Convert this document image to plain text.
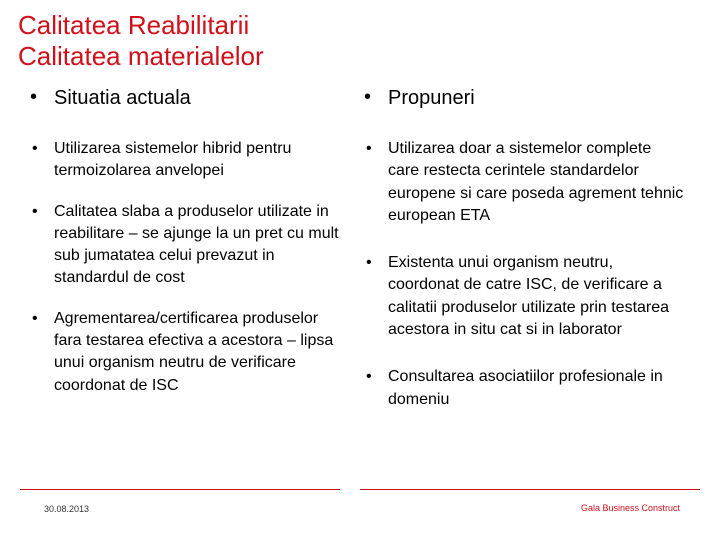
Calitatea Reabilitarii
Calitatea materialelor
• Situatia actuala
• Utilizarea sistemelor hibrid pentru termoizolarea anvelopei
• Calitatea slaba a produselor utilizate in reabilitare – se ajunge la un pret cu mult sub jumatatea celui prevazut in standardul de cost
• Agrementarea/certificarea produselor fara testarea efectiva a acestora – lipsa unui organism neutru de verificare coordonat de ISC
• Propuneri
• Utilizarea doar a sistemelor complete care restecta cerintele standardelor europene si care poseda agrement tehnic european ETA
• Existenta unui organism neutru, coordonat de catre ISC, de verificare a calitatii produselor utilizate prin testarea acestora in situ cat si in laborator
• Consultarea asociatiilor profesionale in domeniu
30.08.2013	Gala Business Construct
